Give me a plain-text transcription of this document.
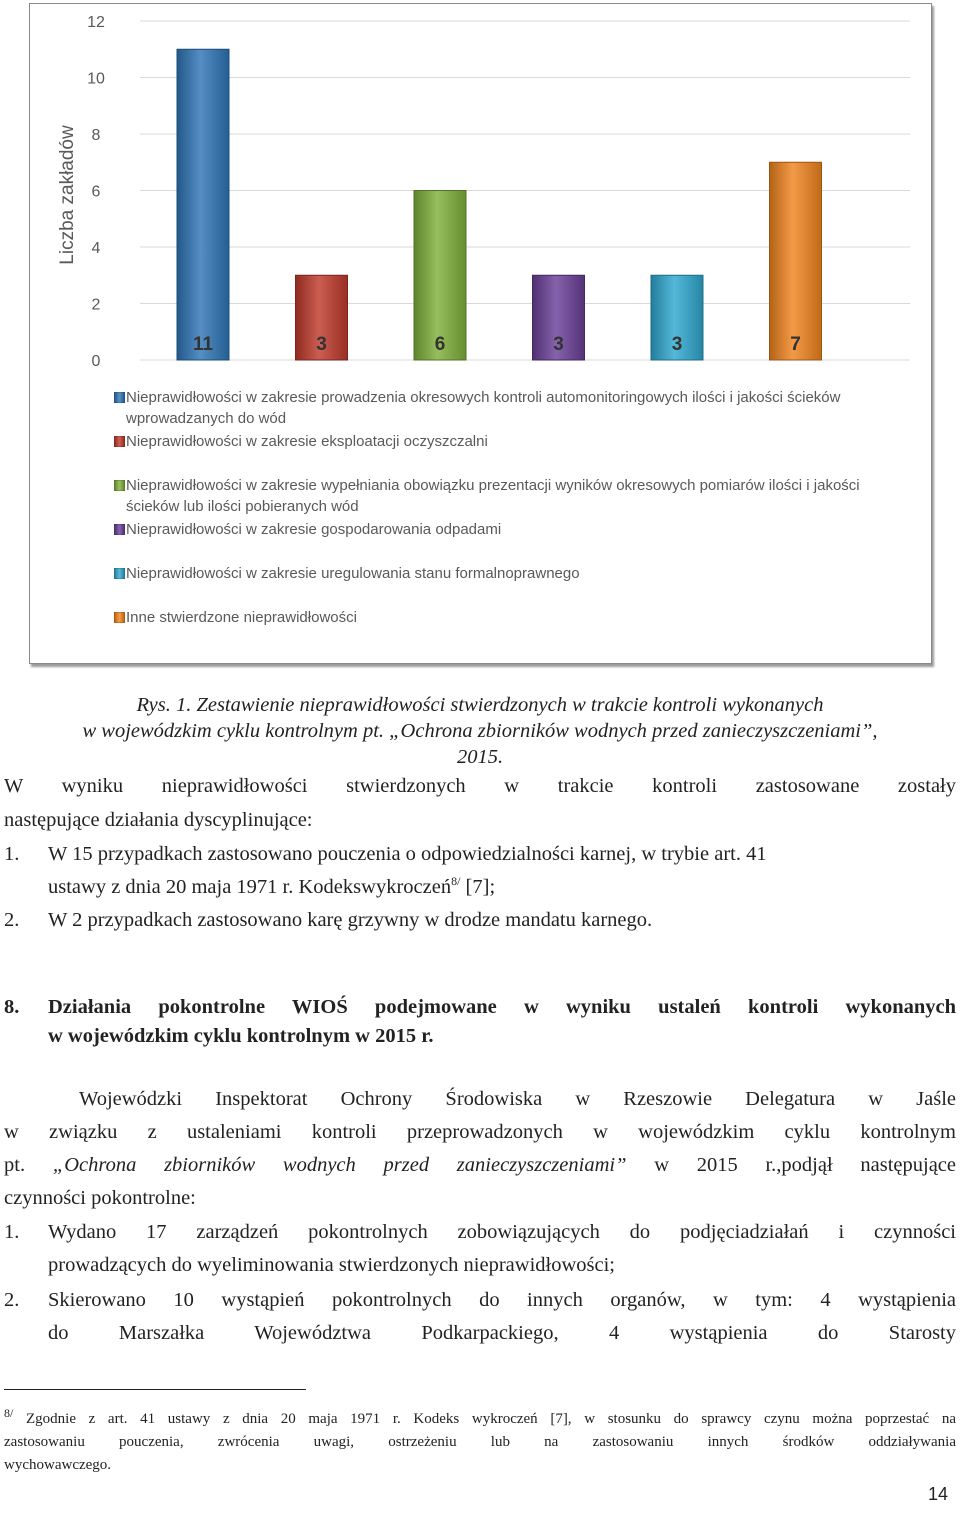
0
2
4
6
8
10
12
11	3	6	3	3	7
Liczba zakładów
Nieprawidłowości w zakresie prowadzenia okresowych kontroli automonitoringowych ilości i jakości ścieków wprowadzanych do wód
Nieprawidłowości w zakresie eksploatacji oczyszczalni
Nieprawidłowości w zakresie wypełniania obowiązku prezentacji wyników okresowych pomiarów ilości i jakości ścieków lub ilości pobieranych wód
Nieprawidłowości w zakresie gospodarowania odpadami
Nieprawidłowości w zakresie uregulowania stanu formalnoprawnego
Inne stwierdzone nieprawidłowości
Rys. 1. Zestawienie nieprawidłowości stwierdzonych w trakcie kontroli wykonanych
w wojewódzkim cyklu kontrolnym pt. „Ochrona zbiorników wodnych przed zanieczyszczeniami”,
2015.
W wyniku nieprawidłowości stwierdzonych w trakcie kontroli zastosowane zostały
następujące działania dyscyplinujące:
1. W 15 przypadkach zastosowano pouczenia o odpowiedzialności karnej, w trybie art. 41
ustawy z dnia 20 maja 1971 r. Kodekswykroczeń$^{8/}$ [7];
2. W 2 przypadkach zastosowano karę grzywny w drodze mandatu karnego.
8. Działania pokontrolne WIOŚ podejmowane w wyniku ustaleń kontroli wykonanych
w wojewódzkim cyklu kontrolnym w 2015 r.
Wojewódzki Inspektorat Ochrony Środowiska w Rzeszowie Delegatura w Jaśle
w związku z ustaleniami kontroli przeprowadzonych w wojewódzkim cyklu kontrolnym
pt. „Ochrona zbiorników wodnych przed zanieczyszczeniami” w 2015 r.,podjął następujące
czynności pokontrolne:
1. Wydano 17 zarządzeń pokontrolnych zobowiązujących do podjęciadziałań i czynności
prowadzących do wyeliminowania stwierdzonych nieprawidłowości;
2. Skierowano 10 wystąpień pokontrolnych do innych organów, w tym: 4 wystąpienia
do Marszałka Województwa Podkarpackiego, 4 wystąpienia do Starosty
$^{8/}$ Zgodnie z art. 41 ustawy z dnia 20 maja 1971 r. Kodeks wykroczeń [7], w stosunku do sprawcy czynu można poprzestać na
zastosowaniu pouczenia, zwrócenia uwagi, ostrzeżeniu lub na zastosowaniu innych środków oddziaływania
wychowawczego.
14
